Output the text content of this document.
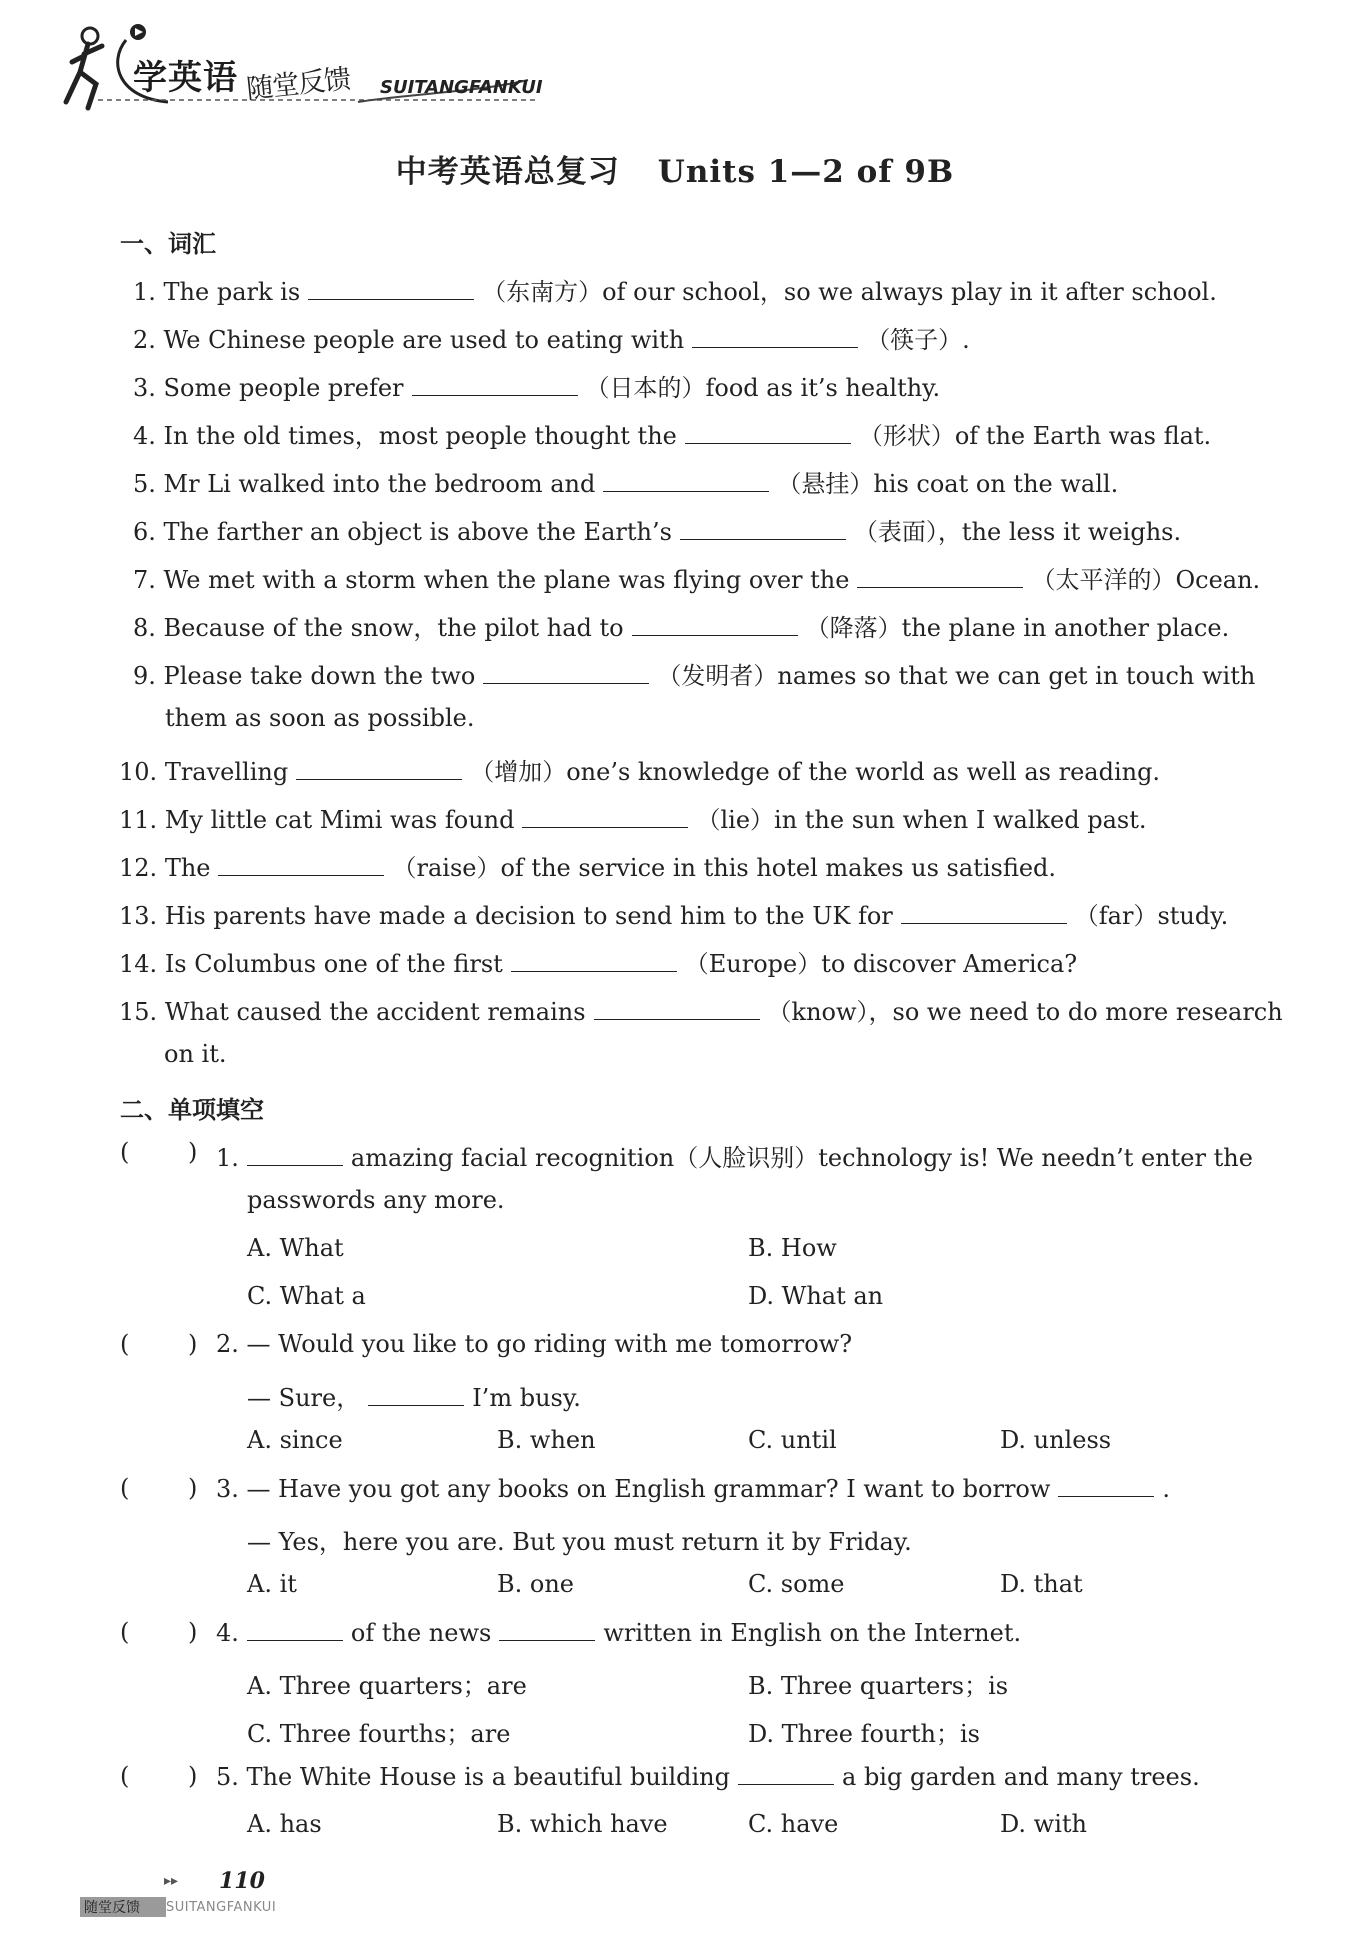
学英语 随堂反馈 SUITANGFANKUI
中考英语总复习 Units 1—2 of 9B
一、词汇
1. The park is	（东南方）of our school，so we always play in it after school.
2. We Chinese people are used to eating with	（筷子）.
3. Some people prefer	（日本的）food as it’s healthy.
4. In the old times，most people thought the	（形状）of the Earth was flat.
5. Mr Li walked into the bedroom and	（悬挂）his coat on the wall.
6. The farther an object is above the Earth’s	（表面），the less it weighs.
7. We met with a storm when the plane was flying over the	（太平洋的）Ocean.
8. Because of the snow，the pilot had to	（降落）the plane in another place.
9. Please take down the two	（发明者）names so that we can get in touch with
them as soon as possible.
10. Travelling	（增加）one’s knowledge of the world as well as reading.
11. My little cat Mimi was found	（lie）in the sun when I walked past.
12. The	（raise）of the service in this hotel makes us satisfied.
13. His parents have made a decision to send him to the UK for	（far）study.
14. Is Columbus one of the first	（Europe）to discover America?
15. What caused the accident remains	（know），so we need to do more research
on it.
二、单项填空
( ) 1.	amazing facial recognition（人脸识别）technology is! We needn’t enter the
passwords any more.
A. What	B. How
C. What a	D. What an
( ) 2. — Would you like to go riding with me tomorrow?
— Sure，	I’m busy.
A. since	B. when	C. until	D. unless
( ) 3. — Have you got any books on English grammar? I want to borrow	.
— Yes，here you are. But you must return it by Friday.
A. it	B. one	C. some	D. that
( ) 4.	of the news	written in English on the Internet.
A. Three quarters；are	B. Three quarters；is
C. Three fourths；are	D. Three fourth；is
( ) 5. The White House is a beautiful building	a big garden and many trees.
A. has	B. which have	C. have	D. with
▸▸ 110
随堂反馈 SUITANGFANKUI
